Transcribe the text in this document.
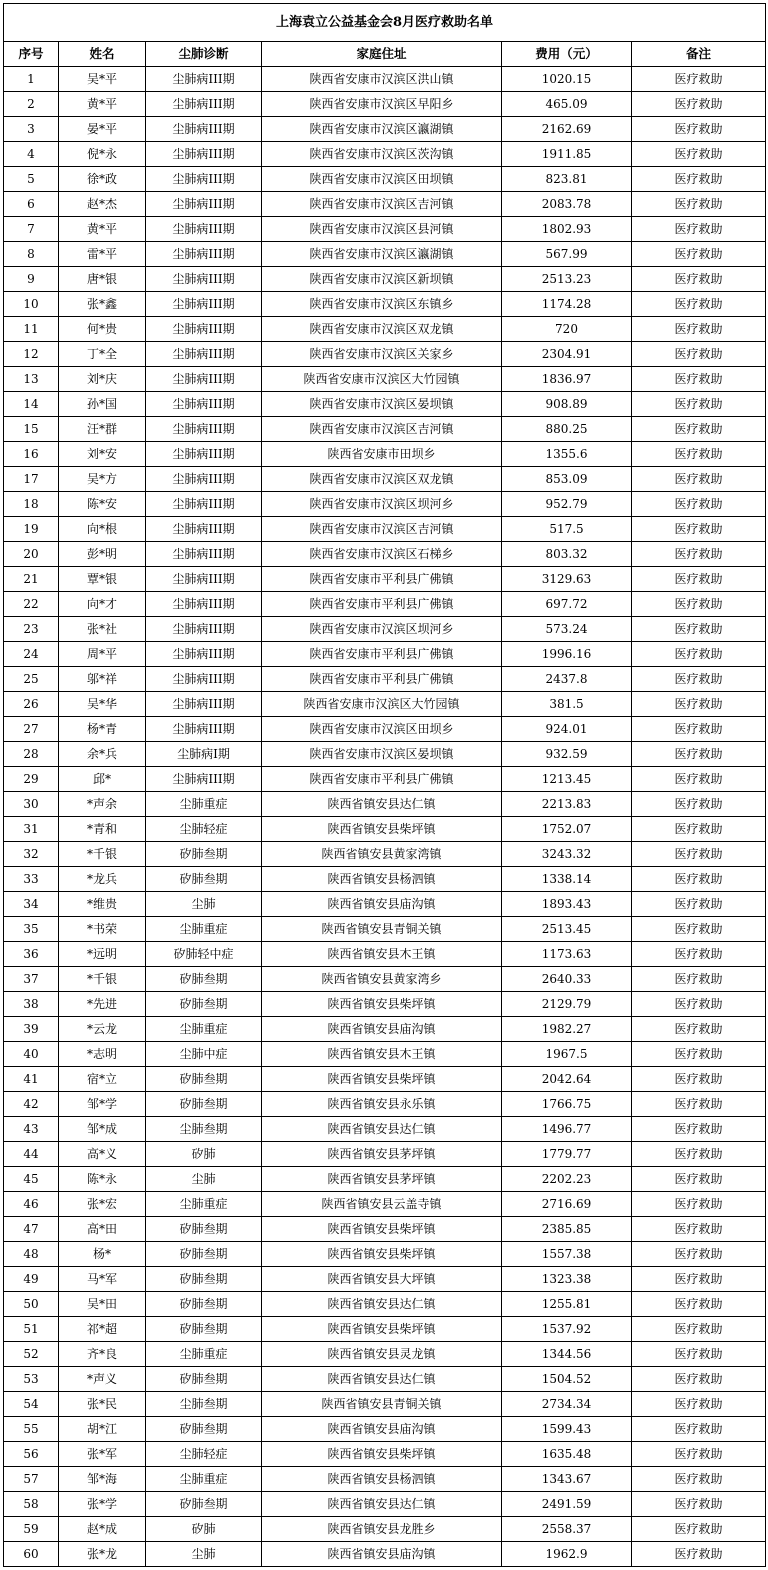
上海袁立公益基金会8月医疗救助名单					
序号	姓名	尘肺诊断	家庭住址	费用（元）	备注
1	吴*平	尘肺病III期	陕西省安康市汉滨区洪山镇	1020.15	医疗救助
2	黄*平	尘肺病III期	陕西省安康市汉滨区早阳乡	465.09	医疗救助
3	晏*平	尘肺病III期	陕西省安康市汉滨区瀛湖镇	2162.69	医疗救助
4	倪*永	尘肺病III期	陕西省安康市汉滨区茨沟镇	1911.85	医疗救助
5	徐*政	尘肺病III期	陕西省安康市汉滨区田坝镇	823.81	医疗救助
6	赵*杰	尘肺病III期	陕西省安康市汉滨区吉河镇	2083.78	医疗救助
7	黄*平	尘肺病III期	陕西省安康市汉滨区县河镇	1802.93	医疗救助
8	雷*平	尘肺病III期	陕西省安康市汉滨区瀛湖镇	567.99	医疗救助
9	唐*银	尘肺病III期	陕西省安康市汉滨区新坝镇	2513.23	医疗救助
10	张*鑫	尘肺病III期	陕西省安康市汉滨区东镇乡	1174.28	医疗救助
11	何*贵	尘肺病III期	陕西省安康市汉滨区双龙镇	720	医疗救助
12	丁*全	尘肺病III期	陕西省安康市汉滨区关家乡	2304.91	医疗救助
13	刘*庆	尘肺病III期	陕西省安康市汉滨区大竹园镇	1836.97	医疗救助
14	孙*国	尘肺病III期	陕西省安康市汉滨区晏坝镇	908.89	医疗救助
15	汪*群	尘肺病III期	陕西省安康市汉滨区吉河镇	880.25	医疗救助
16	刘*安	尘肺病III期	陕西省安康市田坝乡	1355.6	医疗救助
17	吴*方	尘肺病III期	陕西省安康市汉滨区双龙镇	853.09	医疗救助
18	陈*安	尘肺病III期	陕西省安康市汉滨区坝河乡	952.79	医疗救助
19	向*根	尘肺病III期	陕西省安康市汉滨区吉河镇	517.5	医疗救助
20	彭*明	尘肺病III期	陕西省安康市汉滨区石梯乡	803.32	医疗救助
21	覃*银	尘肺病III期	陕西省安康市平利县广佛镇	3129.63	医疗救助
22	向*才	尘肺病III期	陕西省安康市平利县广佛镇	697.72	医疗救助
23	张*社	尘肺病III期	陕西省安康市汉滨区坝河乡	573.24	医疗救助
24	周*平	尘肺病III期	陕西省安康市平利县广佛镇	1996.16	医疗救助
25	邬*祥	尘肺病III期	陕西省安康市平利县广佛镇	2437.8	医疗救助
26	吴*华	尘肺病III期	陕西省安康市汉滨区大竹园镇	381.5	医疗救助
27	杨*青	尘肺病III期	陕西省安康市汉滨区田坝乡	924.01	医疗救助
28	余*兵	尘肺病I期	陕西省安康市汉滨区晏坝镇	932.59	医疗救助
29	邱*	尘肺病III期	陕西省安康市平利县广佛镇	1213.45	医疗救助
30	*声余	尘肺重症	陕西省镇安县达仁镇	2213.83	医疗救助
31	*青和	尘肺轻症	陕西省镇安县柴坪镇	1752.07	医疗救助
32	*千银	矽肺叁期	陕西省镇安县黄家湾镇	3243.32	医疗救助
33	*龙兵	矽肺叁期	陕西省镇安县杨泗镇	1338.14	医疗救助
34	*维贵	尘肺	陕西省镇安县庙沟镇	1893.43	医疗救助
35	*书荣	尘肺重症	陕西省镇安县青铜关镇	2513.45	医疗救助
36	*远明	矽肺轻中症	陕西省镇安县木王镇	1173.63	医疗救助
37	*千银	矽肺叁期	陕西省镇安县黄家湾乡	2640.33	医疗救助
38	*先进	矽肺叁期	陕西省镇安县柴坪镇	2129.79	医疗救助
39	*云龙	尘肺重症	陕西省镇安县庙沟镇	1982.27	医疗救助
40	*志明	尘肺中症	陕西省镇安县木王镇	1967.5	医疗救助
41	宿*立	矽肺叁期	陕西省镇安县柴坪镇	2042.64	医疗救助
42	邹*学	矽肺叁期	陕西省镇安县永乐镇	1766.75	医疗救助
43	邹*成	尘肺叁期	陕西省镇安县达仁镇	1496.77	医疗救助
44	高*义	矽肺	陕西省镇安县茅坪镇	1779.77	医疗救助
45	陈*永	尘肺	陕西省镇安县茅坪镇	2202.23	医疗救助
46	张*宏	尘肺重症	陕西省镇安县云盖寺镇	2716.69	医疗救助
47	高*田	矽肺叁期	陕西省镇安县柴坪镇	2385.85	医疗救助
48	杨*	矽肺叁期	陕西省镇安县柴坪镇	1557.38	医疗救助
49	马*军	矽肺叁期	陕西省镇安县大坪镇	1323.38	医疗救助
50	吴*田	矽肺叁期	陕西省镇安县达仁镇	1255.81	医疗救助
51	祁*超	矽肺叁期	陕西省镇安县柴坪镇	1537.92	医疗救助
52	齐*良	尘肺重症	陕西省镇安县灵龙镇	1344.56	医疗救助
53	*声义	矽肺叁期	陕西省镇安县达仁镇	1504.52	医疗救助
54	张*民	尘肺叁期	陕西省镇安县青铜关镇	2734.34	医疗救助
55	胡*江	矽肺叁期	陕西省镇安县庙沟镇	1599.43	医疗救助
56	张*军	尘肺轻症	陕西省镇安县柴坪镇	1635.48	医疗救助
57	邹*海	尘肺重症	陕西省镇安县杨泗镇	1343.67	医疗救助
58	张*学	矽肺叁期	陕西省镇安县达仁镇	2491.59	医疗救助
59	赵*成	矽肺	陕西省镇安县龙胜乡	2558.37	医疗救助
60	张*龙	尘肺	陕西省镇安县庙沟镇	1962.9	医疗救助
